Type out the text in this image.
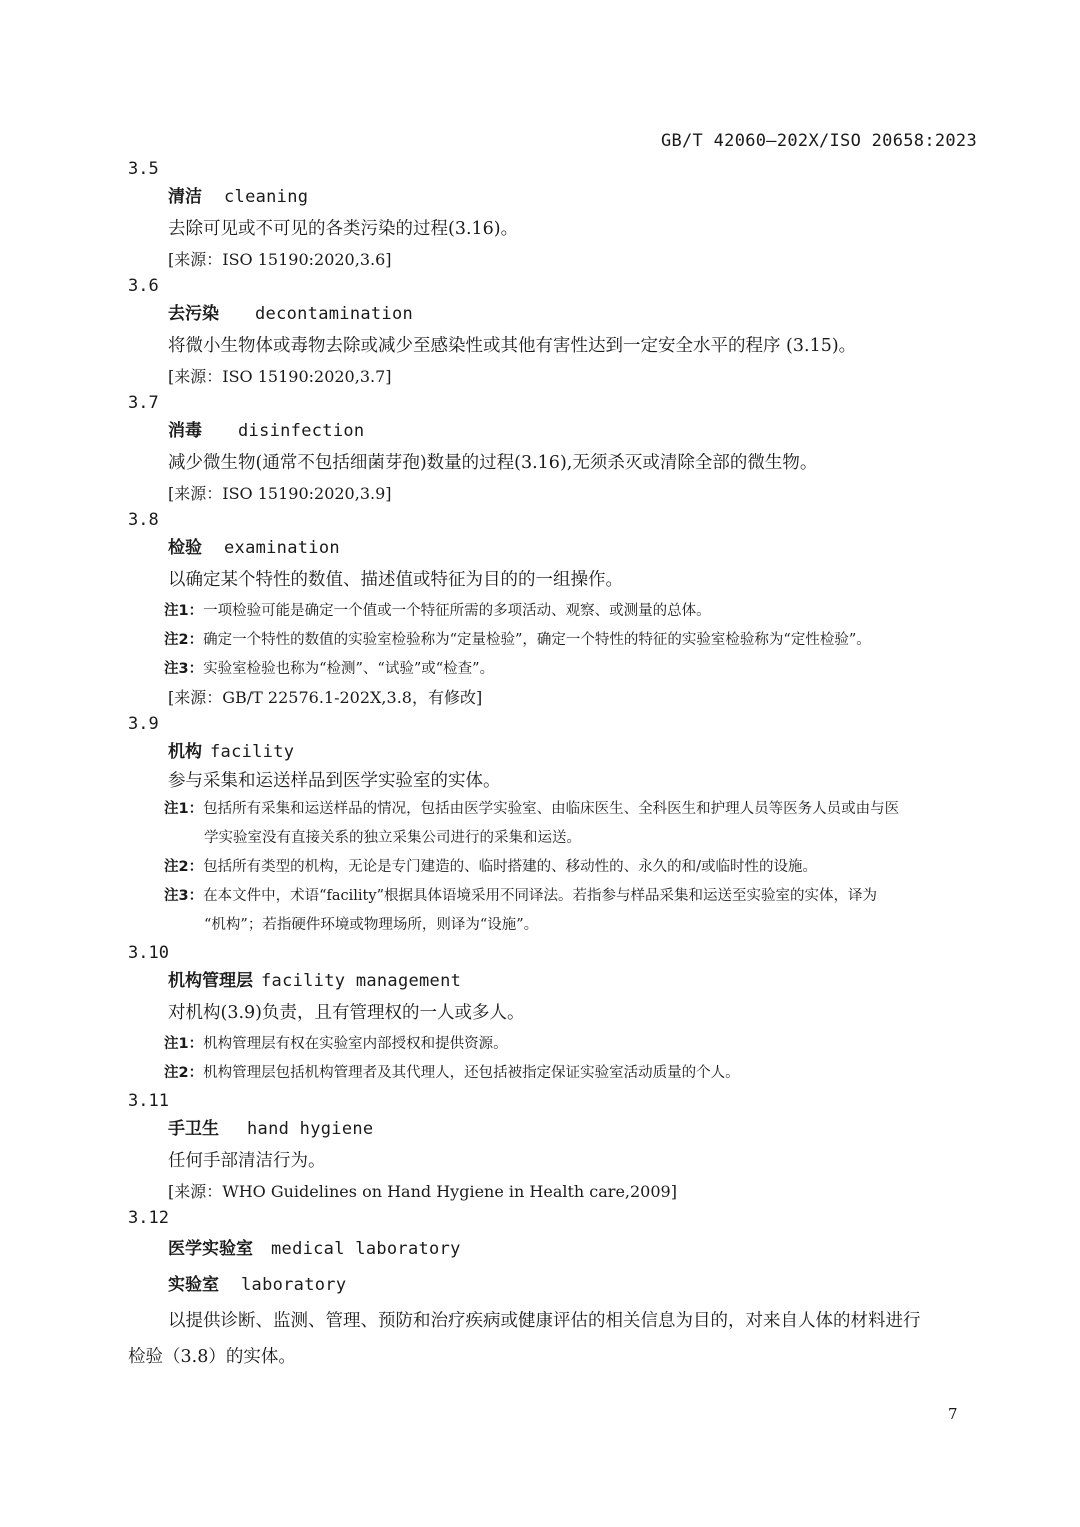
GB/T 42060—202X/ISO 20658:2023
3.5
清洁 cleaning
去除可见或不可见的各类污染的过程(3.16)。
[来源：ISO 15190:2020,3.6]
3.6
去污染 decontamination
将微小生物体或毒物去除或减少至感染性或其他有害性达到一定安全水平的程序 (3.15)。
[来源：ISO 15190:2020,3.7]
3.7
消毒 disinfection
减少微生物(通常不包括细菌芽孢)数量的过程(3.16),无须杀灭或清除全部的微生物。
[来源：ISO 15190:2020,3.9]
3.8
检验 examination
以确定某个特性的数值、描述值或特征为目的的一组操作。
注1：一项检验可能是确定一个值或一个特征所需的多项活动、观察、或测量的总体。
注2：确定一个特性的数值的实验室检验称为“定量检验”，确定一个特性的特征的实验室检验称为“定性检验”。
注3：实验室检验也称为“检测”、“试验”或“检查”。
[来源：GB/T 22576.1-202X,3.8，有修改]
3.9
机构 facility
参与采集和运送样品到医学实验室的实体。
注1：包括所有采集和运送样品的情况，包括由医学实验室、由临床医生、全科医生和护理人员等医务人员或由与医
学实验室没有直接关系的独立采集公司进行的采集和运送。
注2：包括所有类型的机构，无论是专门建造的、临时搭建的、移动性的、永久的和/或临时性的设施。
注3：在本文件中，术语“facility”根据具体语境采用不同译法。若指参与样品采集和运送至实验室的实体，译为
“机构”；若指硬件环境或物理场所，则译为“设施”。
3.10
机构管理层 facility management
对机构(3.9)负责，且有管理权的一人或多人。
注1：机构管理层有权在实验室内部授权和提供资源。
注2：机构管理层包括机构管理者及其代理人，还包括被指定保证实验室活动质量的个人。
3.11
手卫生 hand hygiene
任何手部清洁行为。
[来源：WHO Guidelines on Hand Hygiene in Health care,2009]
3.12
医学实验室 medical laboratory
实验室 laboratory
以提供诊断、监测、管理、预防和治疗疾病或健康评估的相关信息为目的，对来自人体的材料进行
检验（3.8）的实体。
7
